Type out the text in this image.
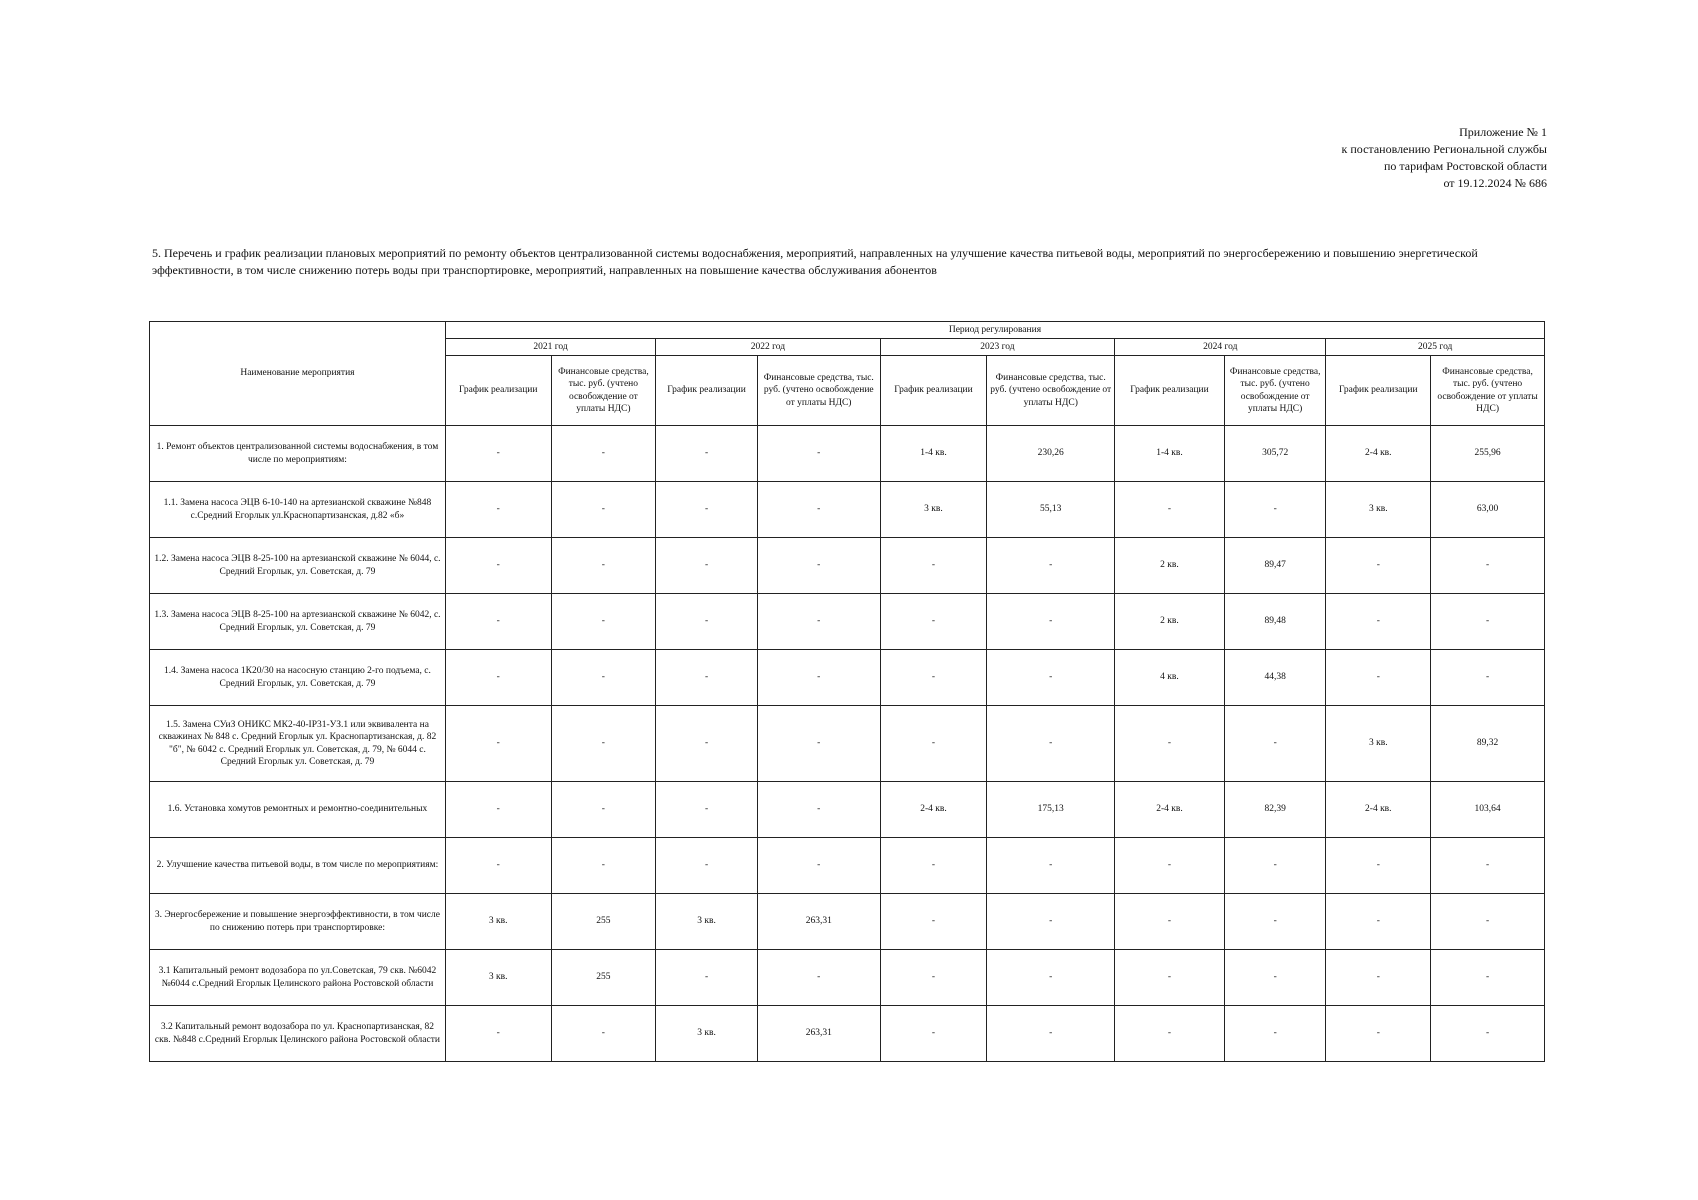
Приложение № 1
к постановлению Региональной службы
по тарифам Ростовской области
от 19.12.2024 № 686
5. Перечень и график реализации плановых мероприятий по ремонту объектов централизованной системы водоснабжения, мероприятий, направленных на улучшение качества питьевой воды, мероприятий по энергосбережению и повышению энергетической эффективности, в том числе снижению потерь воды при транспортировке, мероприятий, направленных на повышение качества обслуживания абонентов
Наименование мероприятия	Период регулирования									
	2021 год		2022 год		2023 год		2024 год		2025 год	
	График реализации	Финансовые средства, тыс. руб. (учтено освобождение от уплаты НДС)	График реализации	Финансовые средства, тыс. руб. (учтено освобождение от уплаты НДС)	График реализации	Финансовые средства, тыс. руб. (учтено освобождение от уплаты НДС)	График реализации	Финансовые средства, тыс. руб. (учтено освобождение от уплаты НДС)	График реализации	Финансовые средства, тыс. руб. (учтено освобождение от уплаты НДС)
1. Ремонт объектов централизованной системы водоснабжения, в том числе по мероприятиям:	-	-	-	-	1-4 кв.	230,26	1-4 кв.	305,72	2-4 кв.	255,96
1.1. Замена насоса ЭЦВ 6-10-140 на артезианской скважине №848 с.Средний Егорлык ул.Краснопартизанская, д.82 «б»	-	-	-	-	3 кв.	55,13	-	-	3 кв.	63,00
1.2. Замена насоса ЭЦВ 8-25-100 на артезианской скважине № 6044, с. Средний Егорлык, ул. Советская, д. 79	-	-	-	-	-	-	2 кв.	89,47	-	-
1.3. Замена насоса ЭЦВ 8-25-100 на артезианской скважине № 6042, с. Средний Егорлык, ул. Советская, д. 79	-	-	-	-	-	-	2 кв.	89,48	-	-
1.4. Замена насоса 1К20/30 на насосную станцию 2-го подъема, с. Средний Егорлык, ул. Советская, д. 79	-	-	-	-	-	-	4 кв.	44,38	-	-
1.5. Замена СУиЗ ОНИКС МК2-40-IP31-УЗ.1 или эквивалента на скважинах № 848 с. Средний Егорлык ул. Краснопартизанская, д. 82 "б", № 6042 с. Средний Егорлык ул. Советская, д. 79, № 6044 с. Средний Егорлык ул. Советская, д. 79	-	-	-	-	-	-	-	-	3 кв.	89,32
1.6. Установка хомутов ремонтных и ремонтно-соединительных	-	-	-	-	2-4 кв.	175,13	2-4 кв.	82,39	2-4 кв.	103,64
2. Улучшение качества питьевой воды, в том числе по мероприятиям:	-	-	-	-	-	-	-	-	-	-
3. Энергосбережение и повышение энергоэффективности, в том числе по снижению потерь при транспортировке:	3 кв.	255	3 кв.	263,31	-	-	-	-	-	-
3.1 Капитальный ремонт водозабора по ул.Советская, 79 скв. №6042 №6044 с.Средний Егорлык Целинского района Ростовской области	3 кв.	255	-	-	-	-	-	-	-	-
3.2 Капитальный ремонт водозабора по ул. Краснопартизанская, 82 скв. №848 с.Средний Егорлык Целинского района Ростовской области	-	-	3 кв.	263,31	-	-	-	-	-	-
